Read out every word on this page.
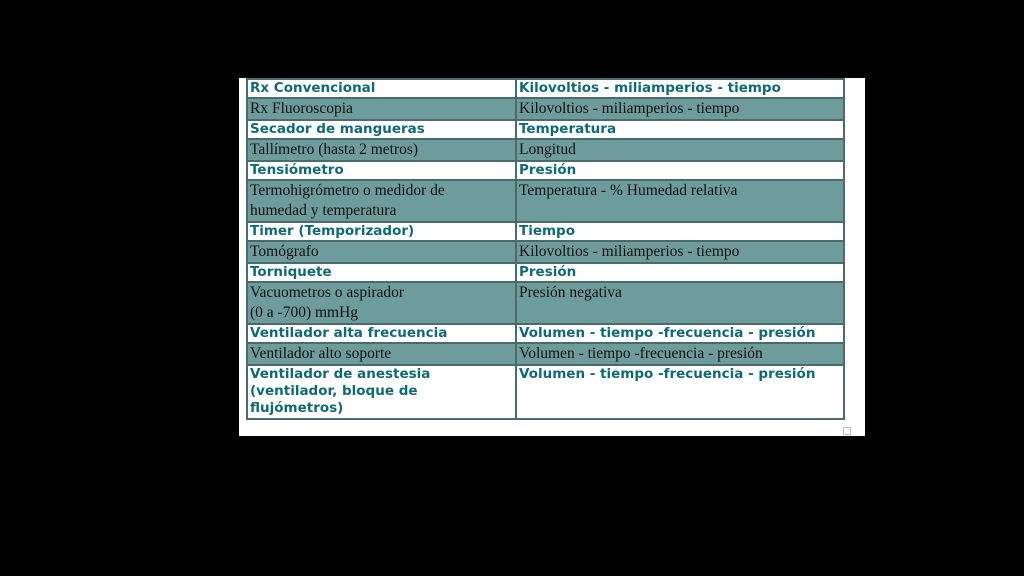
Rx Convencional	Kilovoltios - miliamperios - tiempo

Rx Fluoroscopia	Kilovoltios - miliamperios - tiempo

Secador de mangueras	Temperatura

Tallímetro (hasta 2 metros)	Longitud

Tensiómetro	Presión

Termohigrómetro o medidor de
humedad y temperatura	Temperatura - % Humedad relativa

Timer (Temporizador)	Tiempo

Tomógrafo	Kilovoltios - miliamperios - tiempo

Torniquete	Presión

Vacuometros o aspirador
(0 a -700) mmHg	Presión negativa

Ventilador alta frecuencia	Volumen - tiempo -frecuencia - presión

Ventilador alto soporte	Volumen - tiempo -frecuencia - presión

Ventilador de anestesia
(ventilador, bloque de
flujómetros)	Volumen - tiempo -frecuencia - presión
